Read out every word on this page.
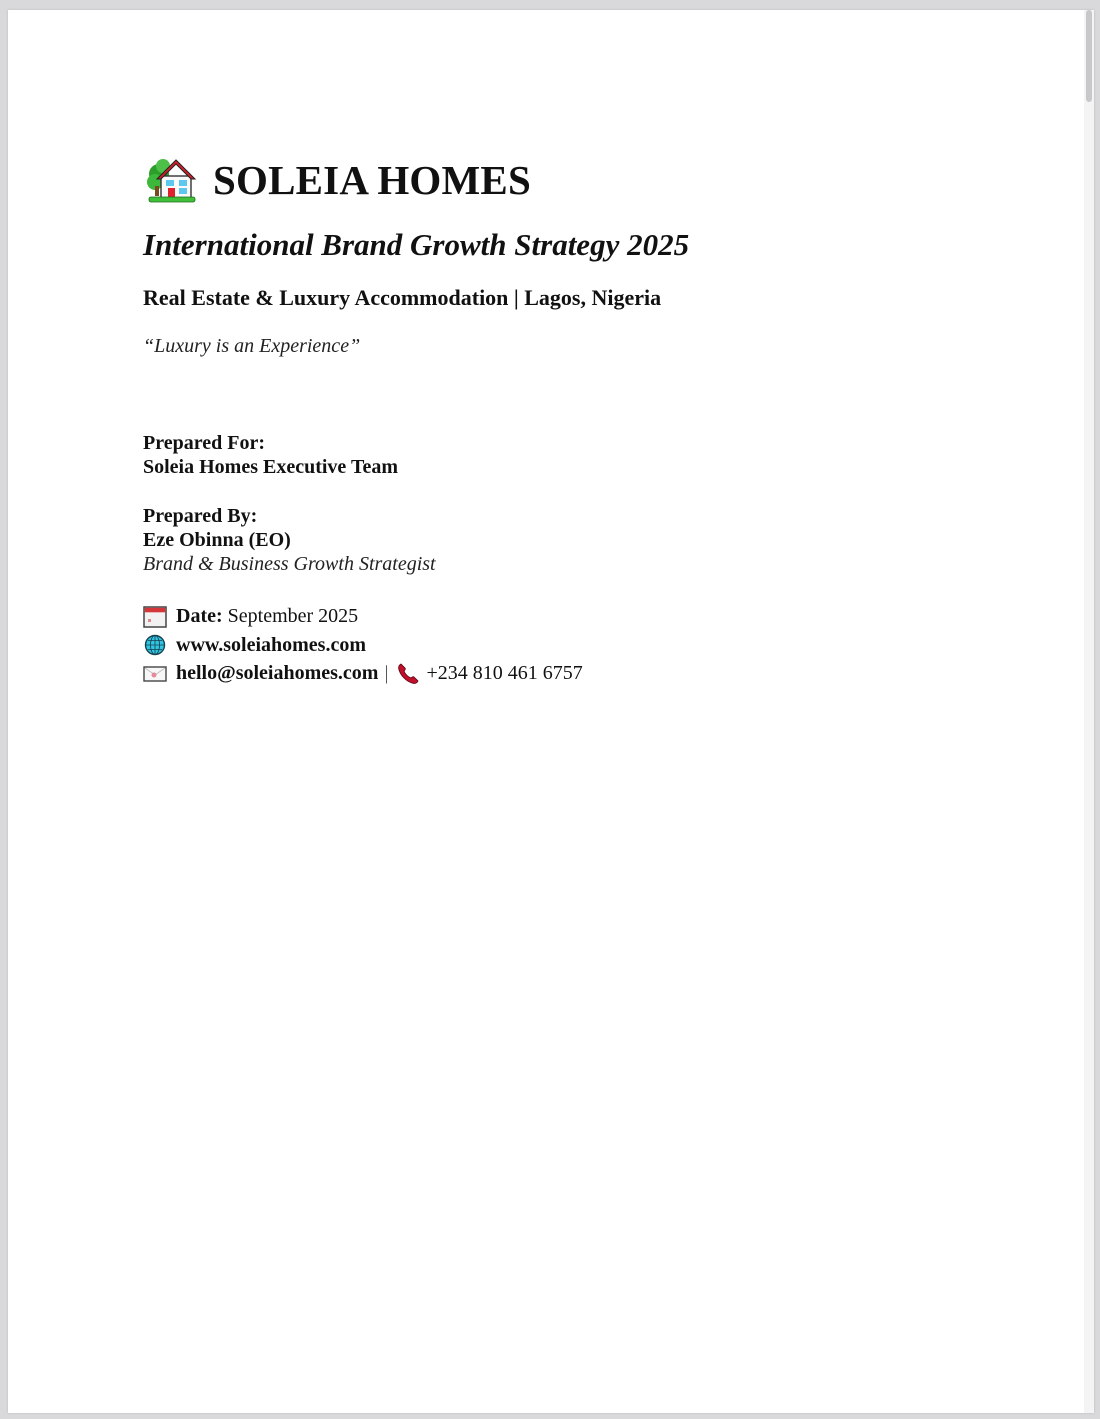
SOLEIA HOMES
International Brand Growth Strategy 2025
Real Estate & Luxury Accommodation | Lagos, Nigeria
“Luxury is an Experience”
Prepared For:
Soleia Homes Executive Team
Prepared By:
Eze Obinna (EO)
Brand & Business Growth Strategist
Date:
September 2025
www.soleiahomes.com
hello@soleiahomes.com | +234 810 461 6757
